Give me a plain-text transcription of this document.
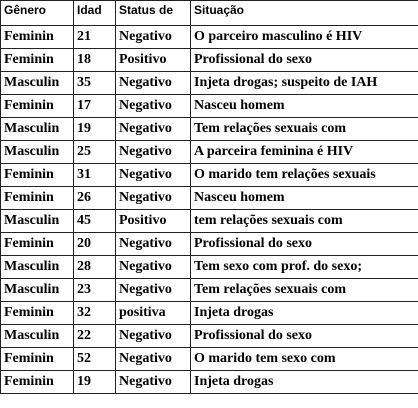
Gênero	Idad	Status de	Situação
Feminin	21	Negativo	O parceiro masculino é HIV
Feminin	18	Positivo	Profissional do sexo
Masculin	35	Negativo	Injeta drogas; suspeito de IAH
Feminin	17	Negativo	Nasceu homem
Masculin	19	Negativo	Tem relações sexuais com
Masculin	25	Negativo	A parceira feminina é HIV
Feminin	31	Negativo	O marido tem relações sexuais
Feminin	26	Negativo	Nasceu homem
Masculin	45	Positivo	tem relações sexuais com
Feminin	20	Negativo	Profissional do sexo
Masculin	28	Negativo	Tem sexo com prof. do sexo;
Masculin	23	Negativo	Tem relações sexuais com
Feminin	32	positiva	Injeta drogas
Masculin	22	Negativo	Profissional do sexo
Feminin	52	Negativo	O marido tem sexo com
Feminin	19	Negativo	Injeta drogas
